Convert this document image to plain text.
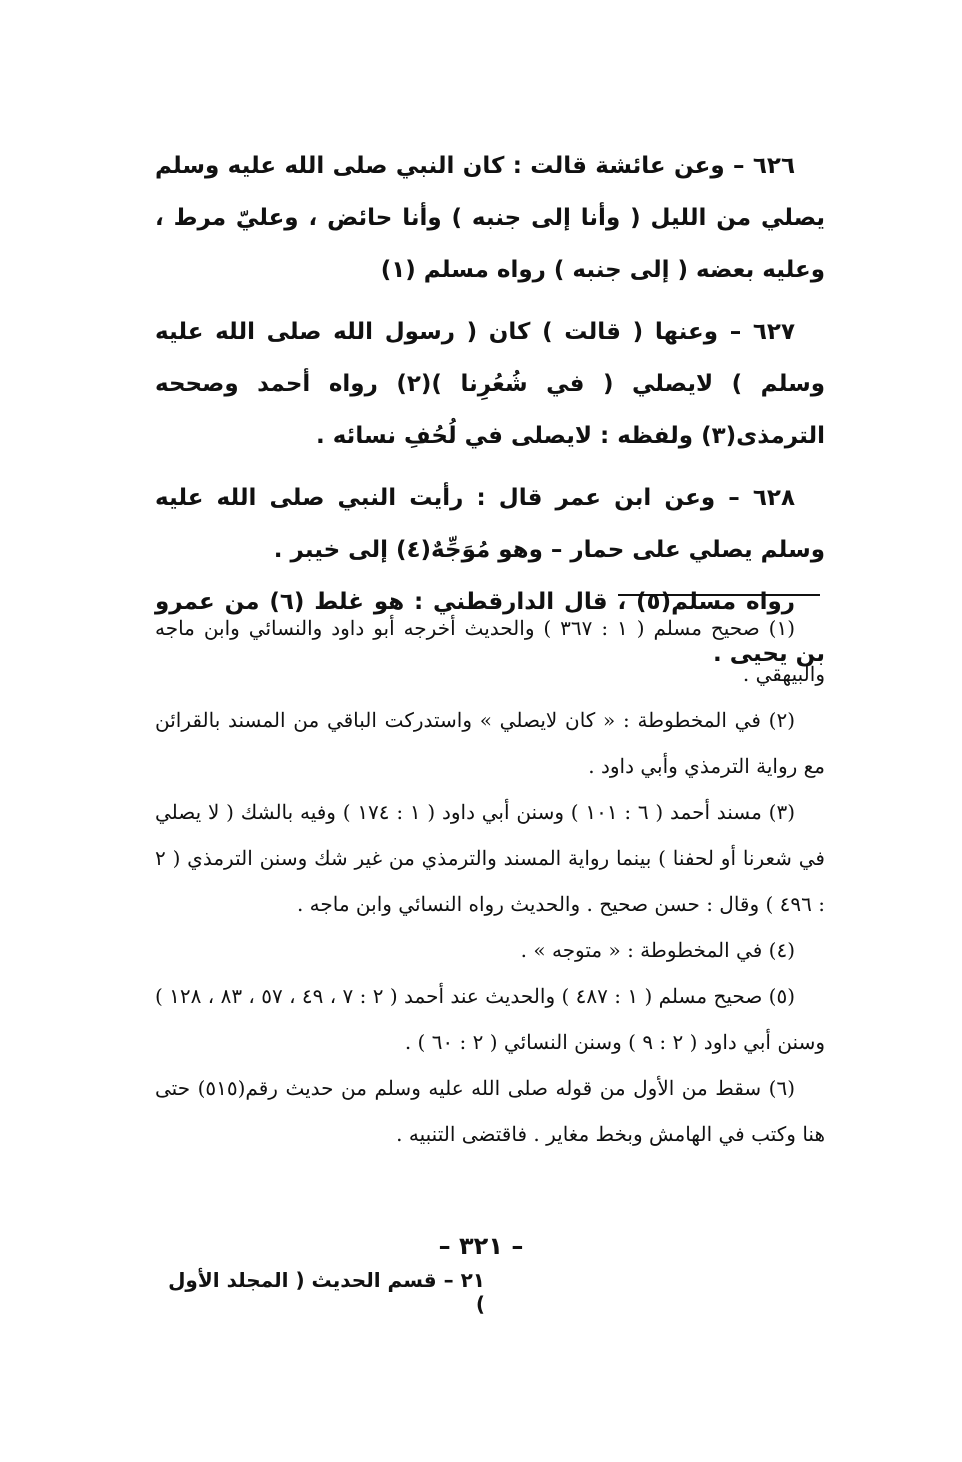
٦٢٦ – وعن عائشة قالت : كان النبي صلى الله عليه وسلم يصلي من الليل ( وأنا إلى جنبه ) وأنا حائض ، وعليّ مرط ، وعليه بعضه ( إلى جنبه ) رواه مسلم (١)

٦٢٧ – وعنها ( قالت ) كان ( رسول الله صلى الله عليه وسلم ) لايصلي ( في شُعُرِنا )(٢) رواه أحمد وصححه الترمذى(٣) ولفظه : لايصلى في لُحُفِ نسائه .

٦٢٨ – وعن ابن عمر قال : رأيت النبي صلى الله عليه وسلم يصلي على حمار – وهو مُوَجِّهٌ(٤) إلى خيبر .

رواه مسلم(٥) ، قال الدارقطني : هو غلط (٦) من عمرو بن يحيى .

(١) صحيح مسلم ( ١ : ٣٦٧ ) والحديث أخرجه أبو داود والنسائي وابن ماجه والبيهقي .

(٢) في المخطوطة : « كان لايصلي » واستدركت الباقي من المسند بالقرائن مع رواية الترمذي وأبي داود .

(٣) مسند أحمد ( ٦ : ١٠١ ) وسنن أبي داود ( ١ : ١٧٤ ) وفيه بالشك ( لا يصلي في شعرنا أو لحفنا ) بينما رواية المسند والترمذي من غير شك وسنن الترمذي ( ٢ : ٤٩٦ ) وقال : حسن صحيح . والحديث رواه النسائي وابن ماجه .

(٤) في المخطوطة : « متوجه » .

(٥) صحيح مسلم ( ١ : ٤٨٧ ) والحديث عند أحمد ( ٢ : ٧ ، ٤٩ ، ٥٧ ، ٨٣ ، ١٢٨ ) وسنن أبي داود ( ٢ : ٩ ) وسنن النسائي ( ٢ : ٦٠ ) .

(٦) سقط من الأول من قوله صلى الله عليه وسلم من حديث رقم(٥١٥) حتى هنا وكتب في الهامش وبخط مغاير . فاقتضى التنبيه .

– ٣٢١ –
٢١ – قسم الحديث ( المجلد الأول )
